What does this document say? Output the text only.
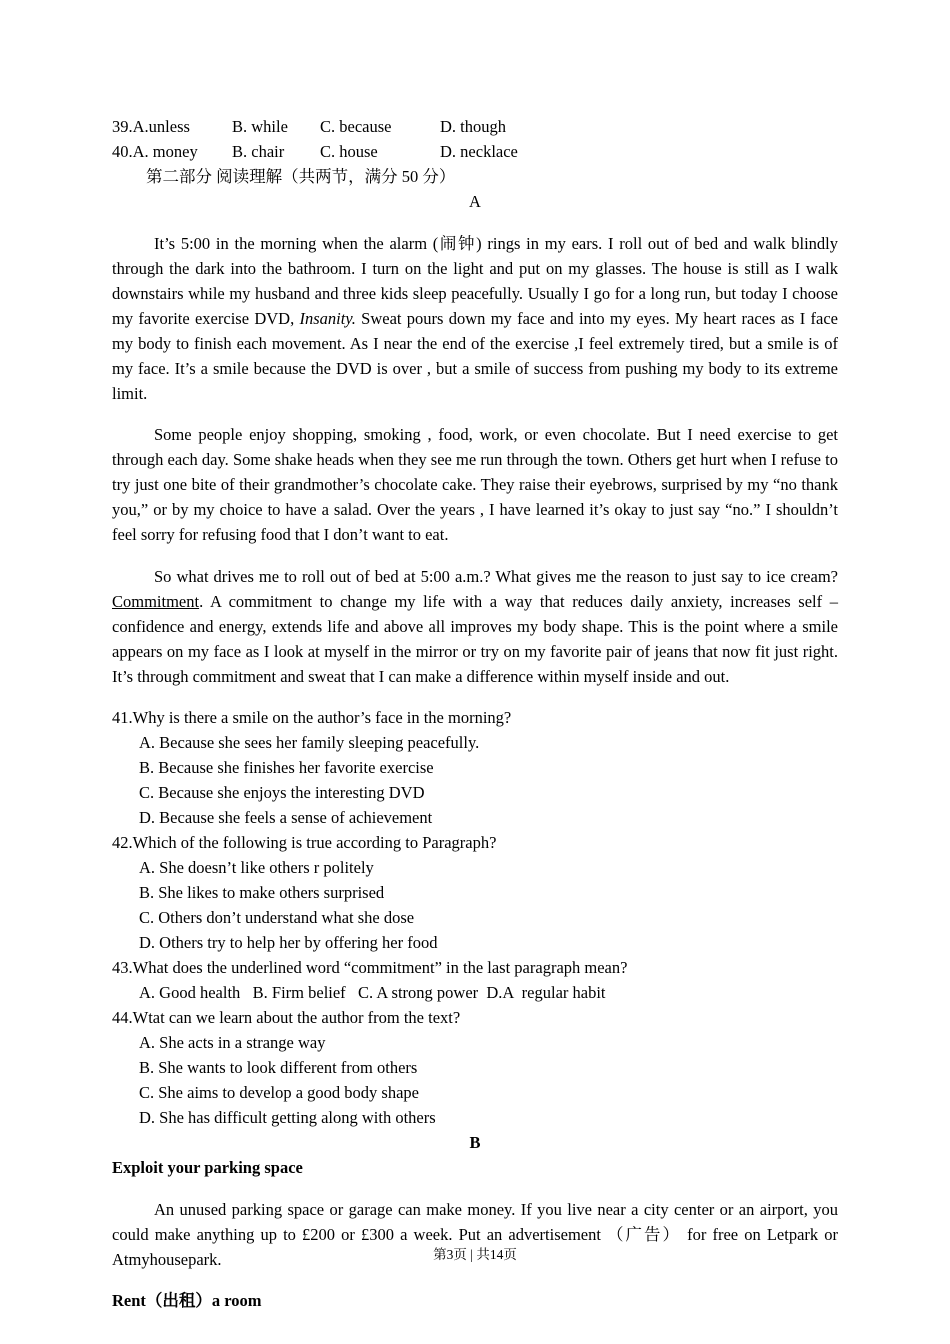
39.A.unless	B. while	C. because	D. though
40.A. money	B. chair	C. house	D. necklace
第二部分 阅读理解（共两节，满分 50 分）
A

It’s 5:00 in the morning when the alarm (闹钟) rings in my ears. I roll out of bed and walk blindly through the dark into the bathroom. I turn on the light and put on my glasses. The house is still as I walk downstairs while my husband and three kids sleep peacefully. Usually I go for a long run, but today I choose my favorite exercise DVD, Insanity. Sweat pours down my face and into my eyes. My heart races as I face my body to finish each movement. As I near the end of the exercise ,I feel extremely tired, but a smile is of my face. It’s a smile because the DVD is over , but a smile of success from pushing my body to its extreme limit.

Some people enjoy shopping, smoking , food, work, or even chocolate. But I need exercise to get through each day. Some shake heads when they see me run through the town. Others get hurt when I refuse to try just one bite of their grandmother’s chocolate cake. They raise their eyebrows, surprised by my “no thank you,” or by my choice to have a salad. Over the years , I have learned it’s okay to just say “no.” I shouldn’t feel sorry for refusing food that I don’t want to eat.

So what drives me to roll out of bed at 5:00 a.m.? What gives me the reason to just say to ice cream? Commitment. A commitment to change my life with a way that reduces daily anxiety, increases self – confidence and energy, extends life and above all improves my body shape. This is the point where a smile appears on my face as I look at myself in the mirror or try on my favorite pair of jeans that now fit just right. It’s through commitment and sweat that I can make a difference within myself inside and out.

41.Why is there a smile on the author’s face in the morning?
A. Because she sees her family sleeping peacefully.
B. Because she finishes her favorite exercise
C. Because she enjoys the interesting DVD
D. Because she feels a sense of achievement
42.Which of the following is true according to Paragraph?
A. She doesn’t like others r politely
B. She likes to make others surprised
C. Others don’t understand what she dose
D. Others try to help her by offering her food
43.What does the underlined word “commitment” in the last paragraph mean?
A. Good health   B. Firm belief   C. A strong power  D.A  regular habit
44.Wtat can we learn about the author from the text?
A. She acts in a strange way
B. She wants to look different from others
C. She aims to develop a good body shape
D. She has difficult getting along with others
B
Exploit your parking space

An unused parking space or garage can make money. If you live near a city center or an airport, you could make anything up to £200 or £300 a week. Put an advertisement （广告） for free on Letpark or Atmyhousepark.

Rent（出租）a room
第3页 | 共14页
